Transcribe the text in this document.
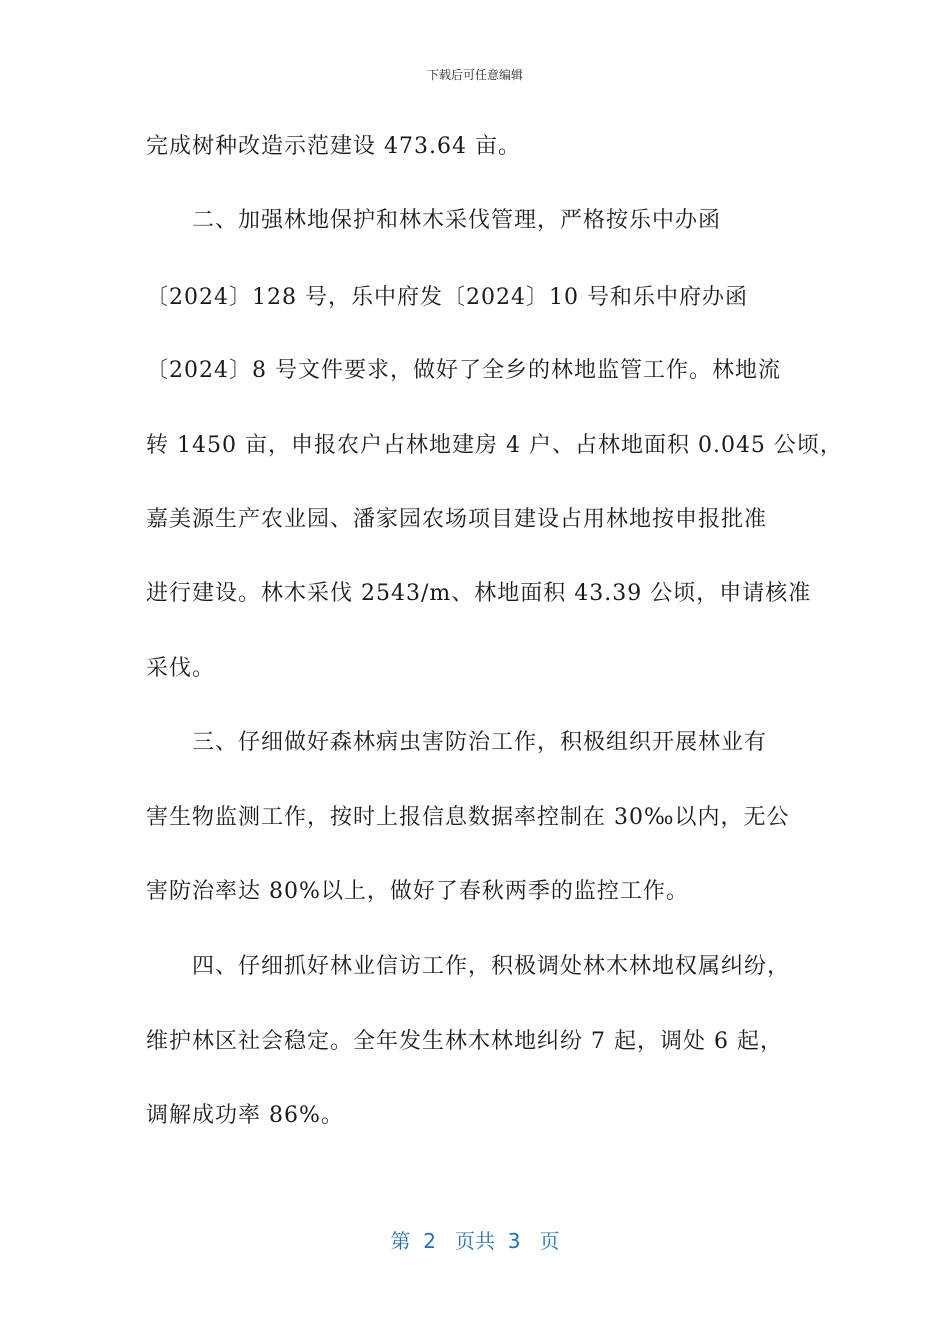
下载后可任意编辑
完成树种改造示范建设 473.64 亩。
二、加强林地保护和林木采伐管理，严格按乐中办函
〔2024〕128 号，乐中府发〔2024〕10 号和乐中府办函
〔2024〕8 号文件要求，做好了全乡的林地监管工作。林地流
转 1450 亩，申报农户占林地建房 4 户、占林地面积 0.045 公顷，
嘉美源生产农业园、潘家园农场项目建设占用林地按申报批准
进行建设。林木采伐 2543/m、林地面积 43.39 公顷，申请核准
采伐。
三、仔细做好森林病虫害防治工作，积极组织开展林业有
害生物监测工作，按时上报信息数据率控制在 30‰以内，无公
害防治率达 80%以上，做好了春秋两季的监控工作。
四、仔细抓好林业信访工作，积极调处林木林地权属纠纷，
维护林区社会稳定。全年发生林木林地纠纷 7 起，调处 6 起，
调解成功率 86%。
第  2   页共  3   页
